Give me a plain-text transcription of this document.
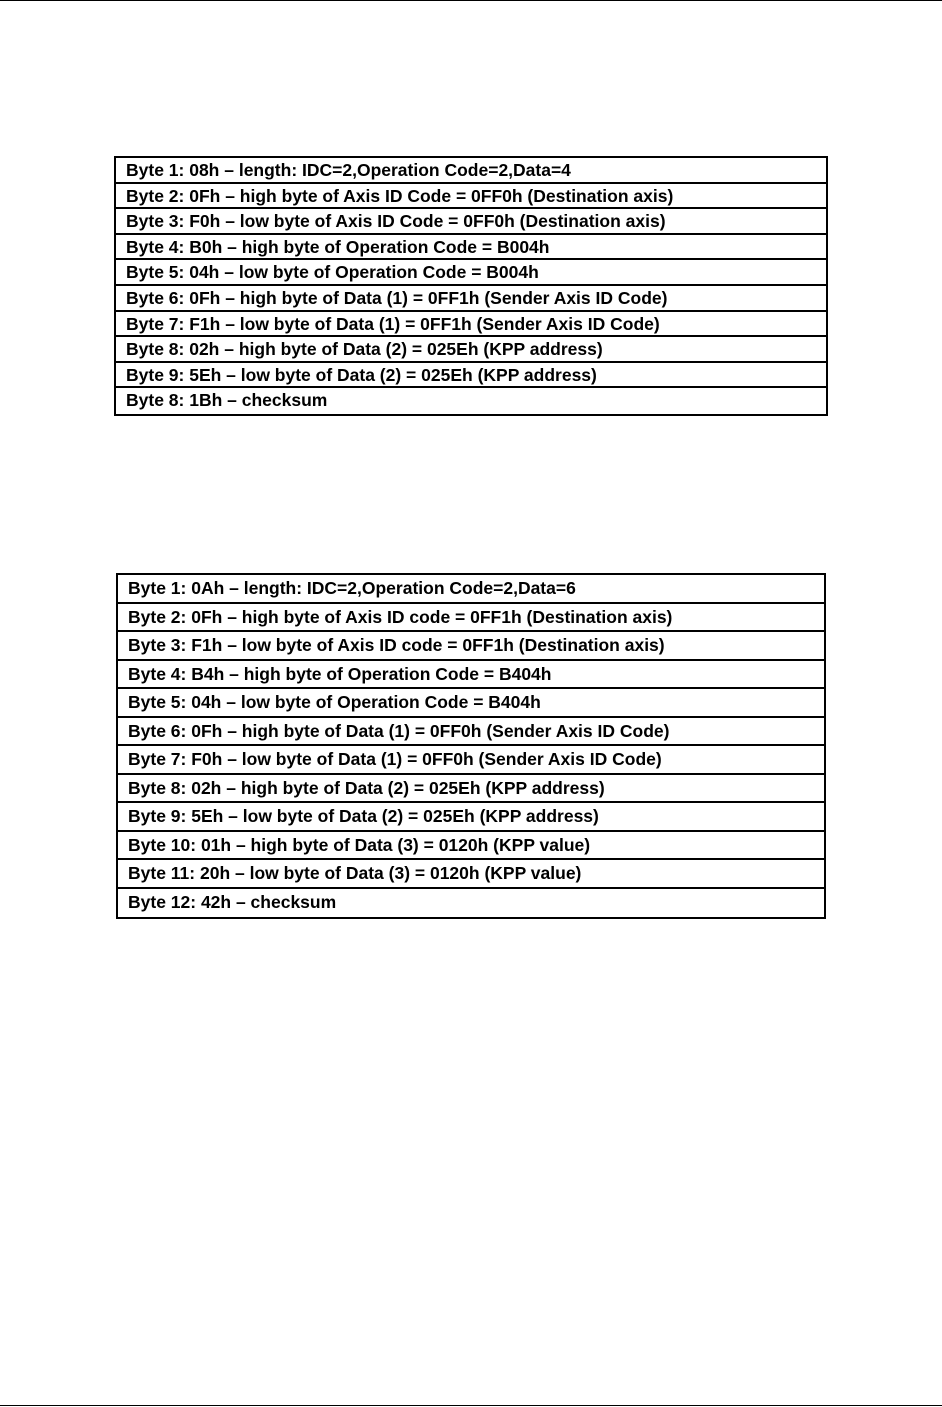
Byte 1: 08h – length: IDC=2,Operation Code=2,Data=4
Byte 2: 0Fh – high byte of Axis ID Code = 0FF0h (Destination axis)
Byte 3: F0h – low byte of Axis ID Code = 0FF0h (Destination axis)
Byte 4: B0h – high byte of Operation Code = B004h
Byte 5: 04h – low byte of Operation Code = B004h
Byte 6: 0Fh – high byte of Data (1) = 0FF1h (Sender Axis ID Code)
Byte 7: F1h – low byte of Data (1) = 0FF1h (Sender Axis ID Code)
Byte 8: 02h – high byte of Data (2) = 025Eh (KPP address)
Byte 9: 5Eh – low byte of Data (2) = 025Eh (KPP address)
Byte 8: 1Bh – checksum
Byte 1: 0Ah – length: IDC=2,Operation Code=2,Data=6
Byte 2: 0Fh – high byte of Axis ID code = 0FF1h (Destination axis)
Byte 3: F1h – low byte of Axis ID code = 0FF1h (Destination axis)
Byte 4: B4h – high byte of Operation Code = B404h
Byte 5: 04h – low byte of Operation Code = B404h
Byte 6: 0Fh – high byte of Data (1) = 0FF0h (Sender Axis ID Code)
Byte 7: F0h – low byte of Data (1) = 0FF0h (Sender Axis ID Code)
Byte 8: 02h – high byte of Data (2) = 025Eh (KPP address)
Byte 9: 5Eh – low byte of Data (2) = 025Eh (KPP address)
Byte 10: 01h – high byte of Data (3) = 0120h (KPP value)
Byte 11: 20h – low byte of Data (3) = 0120h (KPP value)
Byte 12: 42h – checksum
